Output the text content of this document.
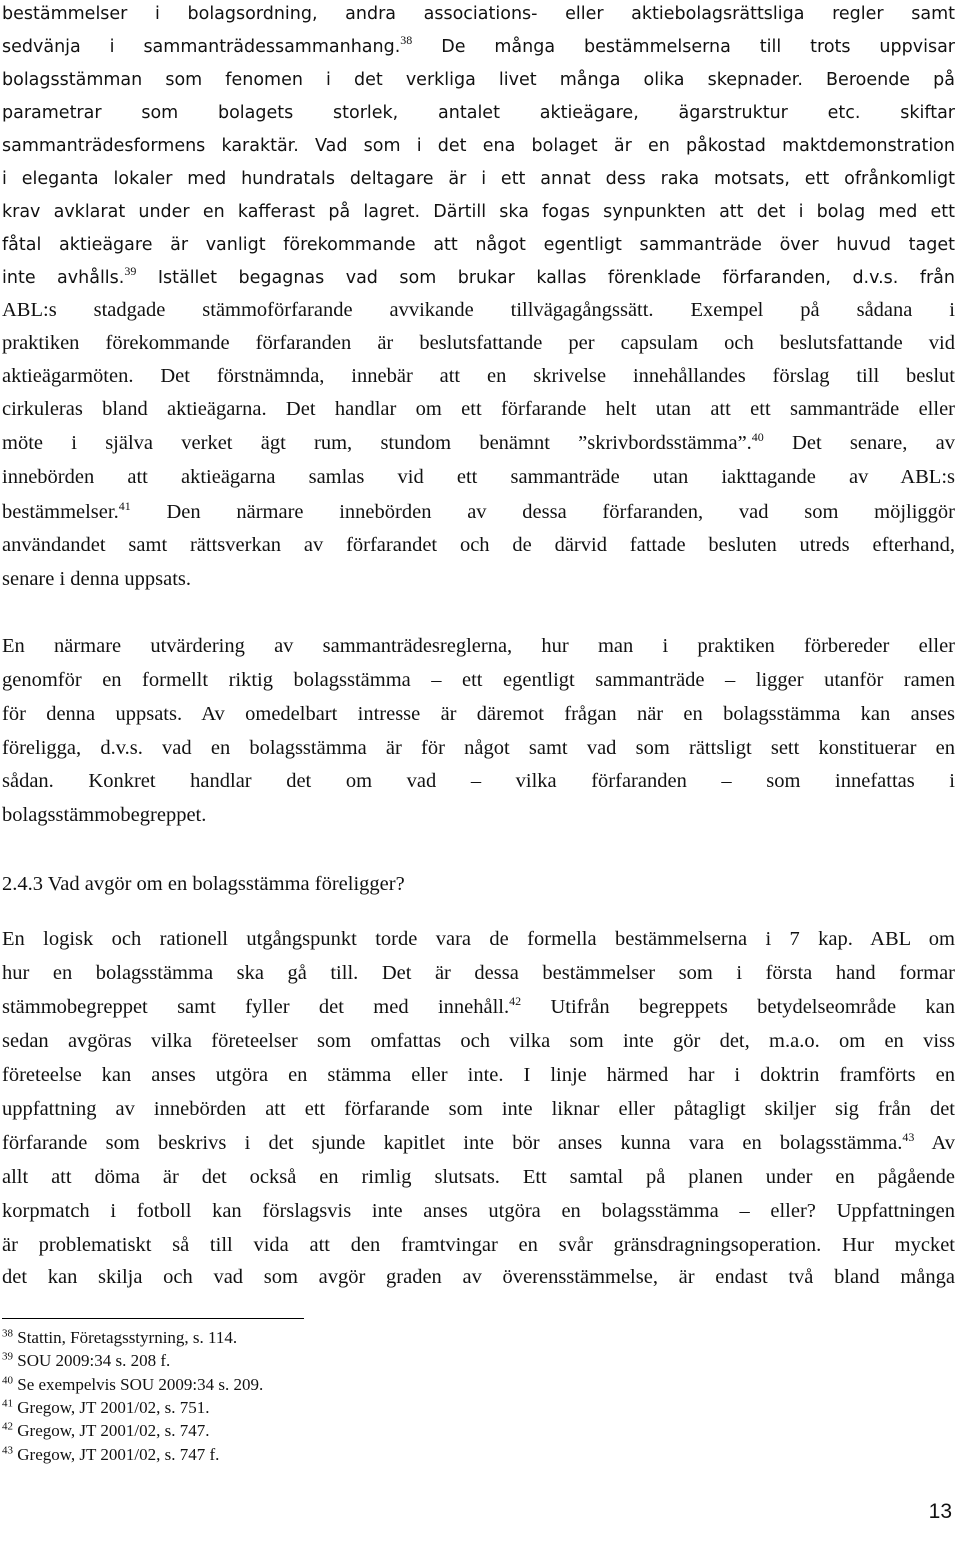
bestämmelser i bolagsordning, andra associations- eller aktiebolagsrättsliga regler samt
sedvänja i sammanträdessammanhang.$^{38}$ De många bestämmelserna till trots uppvisar
bolagsstämman som fenomen i det verkliga livet många olika skepnader. Beroende på
parametrar som bolagets storlek, antalet aktieägare, ägarstruktur etc. skiftar
sammanträdesformens karaktär. Vad som i det ena bolaget är en påkostad maktdemonstration
i eleganta lokaler med hundratals deltagare är i ett annat dess raka motsats, ett ofrånkomligt
krav avklarat under en kafferast på lagret. Därtill ska fogas synpunkten att det i bolag med ett
fåtal aktieägare är vanligt förekommande att något egentligt sammanträde över huvud taget
inte avhålls.$^{39}$ Istället begagnas vad som brukar kallas förenklade förfaranden, d.v.s. från
ABL:s stadgade stämmoförfarande avvikande tillvägagångssätt. Exempel på sådana i
praktiken förekommande förfaranden är beslutsfattande per capsulam och beslutsfattande vid
aktieägarmöten. Det förstnämnda, innebär att en skrivelse innehållandes förslag till beslut
cirkuleras bland aktieägarna. Det handlar om ett förfarande helt utan att ett sammanträde eller
möte i själva verket ägt rum, stundom benämnt ”skrivbordsstämma”.$^{40}$ Det senare, av
innebörden att aktieägarna samlas vid ett sammanträde utan iakttagande av ABL:s
bestämmelser.$^{41}$ Den närmare innebörden av dessa förfaranden, vad som möjliggör
användandet samt rättsverkan av förfarandet och de därvid fattade besluten utreds efterhand,
senare i denna uppsats.
En närmare utvärdering av sammanträdesreglerna, hur man i praktiken förbereder eller
genomför en formellt riktig bolagsstämma – ett egentligt sammanträde – ligger utanför ramen
för denna uppsats. Av omedelbart intresse är däremot frågan när en bolagsstämma kan anses
föreligga, d.v.s. vad en bolagsstämma är för något samt vad som rättsligt sett konstituerar en
sådan. Konkret handlar det om vad – vilka förfaranden – som innefattas i
bolagsstämmobegreppet.
2.4.3 Vad avgör om en bolagsstämma föreligger?
En logisk och rationell utgångspunkt torde vara de formella bestämmelserna i 7 kap. ABL om
hur en bolagsstämma ska gå till. Det är dessa bestämmelser som i första hand formar
stämmobegreppet samt fyller det med innehåll.$^{42}$ Utifrån begreppets betydelseområde kan
sedan avgöras vilka företeelser som omfattas och vilka som inte gör det, m.a.o. om en viss
företeelse kan anses utgöra en stämma eller inte. I linje härmed har i doktrin framförts en
uppfattning av innebörden att ett förfarande som inte liknar eller påtagligt skiljer sig från det
förfarande som beskrivs i det sjunde kapitlet inte bör anses kunna vara en bolagsstämma.$^{43}$ Av
allt att döma är det också en rimlig slutsats. Ett samtal på planen under en pågående
korpmatch i fotboll kan förslagsvis inte anses utgöra en bolagsstämma – eller? Uppfattningen
är problematiskt så till vida att den framtvingar en svår gränsdragningsoperation. Hur mycket
det kan skilja och vad som avgör graden av överensstämmelse, är endast två bland många
$^{38}$ Stattin, Företagsstyrning, s. 114.
$^{39}$ SOU 2009:34 s. 208 f.
$^{40}$ Se exempelvis SOU 2009:34 s. 209.
$^{41}$ Gregow, JT 2001/02, s. 751.
$^{42}$ Gregow, JT 2001/02, s. 747.
$^{43}$ Gregow, JT 2001/02, s. 747 f.
13
